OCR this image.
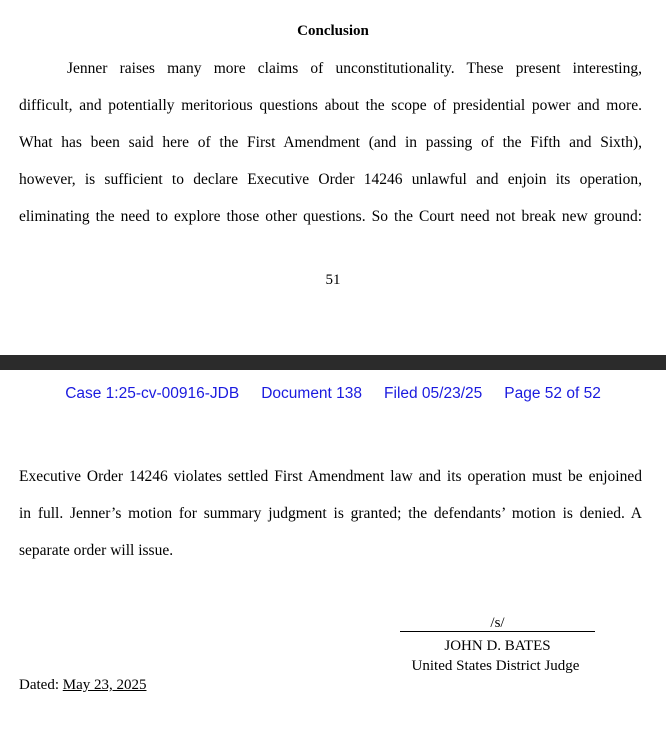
Conclusion
Jenner raises many more claims of unconstitutionality. These present interesting,
difficult, and potentially meritorious questions about the scope of presidential power and more.
What has been said here of the First Amendment (and in passing of the Fifth and Sixth),
however, is sufficient to declare Executive Order 14246 unlawful and enjoin its operation,
eliminating the need to explore those other questions. So the Court need not break new ground:
51
Case 1:25-cv-00916-JDB Document 138 Filed 05/23/25 Page 52 of 52
Executive Order 14246 violates settled First Amendment law and its operation must be enjoined
in full. Jenner’s motion for summary judgment is granted; the defendants’ motion is denied. A
separate order will issue.
/s/
JOHN D. BATES
United States District Judge
Dated: May 23, 2025
